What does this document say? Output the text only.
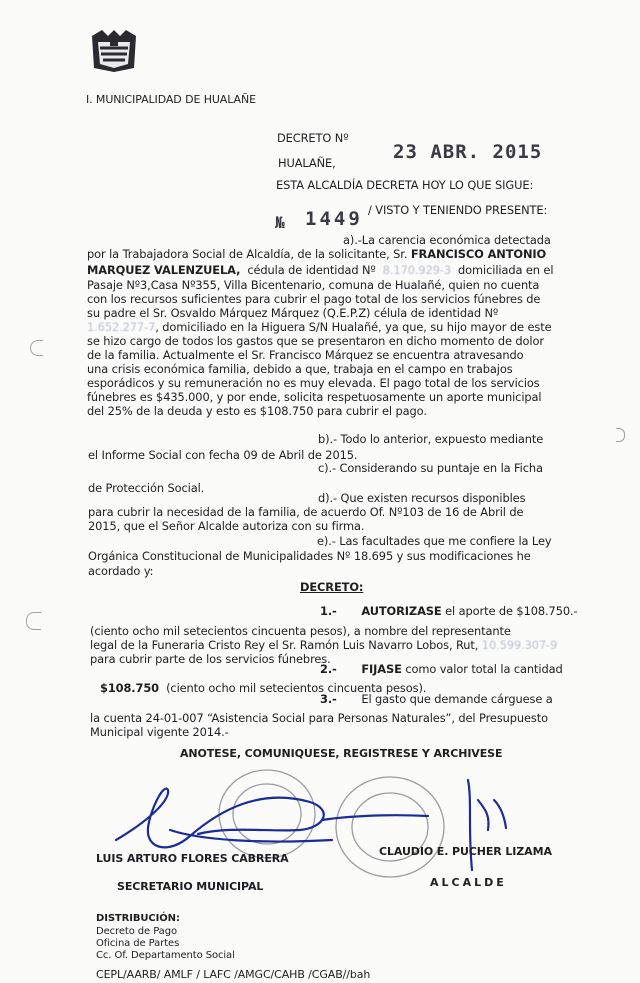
I. MUNICIPALIDAD DE HUALAÑE
DECRETO Nº
23 ABR. 2015
HUALAÑE,
ESTA ALCALDÍA DECRETA HOY LO QUE SIGUE:
№ 1449 / VISTO Y TENIENDO PRESENTE:
a).-La carencia económica detectada
por la Trabajadora Social de Alcaldía, de la solicitante, Sr. FRANCISCO ANTONIO
MARQUEZ VALENZUELA, cédula de identidad Nº 8.170.929-3 domiciliada en el
Pasaje Nº3,Casa Nº355, Villa Bicentenario, comuna de Hualañé, quien no cuenta
con los recursos suficientes para cubrir el pago total de los servicios fúnebres de
su padre el Sr. Osvaldo Márquez Márquez (Q.E.P.Z) célula de identidad Nº
1.652.277-7, domiciliado en la Higuera S/N Hualañé, ya que, su hijo mayor de este
se hizo cargo de todos los gastos que se presentaron en dicho momento de dolor
de la familia. Actualmente el Sr. Francisco Márquez se encuentra atravesando
una crisis económica familia, debido a que, trabaja en el campo en trabajos
esporádicos y su remuneración no es muy elevada. El pago total de los servicios
fúnebres es $435.000, y por ende, solicita respetuosamente un aporte municipal
del 25% de la deuda y esto es $108.750 para cubrir el pago.
b).- Todo lo anterior, expuesto mediante
el Informe Social con fecha 09 de Abril de 2015.
c).- Considerando su puntaje en la Ficha
de Protección Social.
d).- Que existen recursos disponibles
para cubrir la necesidad de la familia, de acuerdo Of. Nº103 de 16 de Abril de
2015, que el Señor Alcalde autoriza con su firma.
e).- Las facultades que me confiere la Ley
Orgánica Constitucional de Municipalidades Nº 18.695 y sus modificaciones he
acordado y:
DECRETO:
1.- AUTORIZASE el aporte de $108.750.-
(ciento ocho mil setecientos cincuenta pesos), a nombre del representante
legal de la Funeraria Cristo Rey el Sr. Ramón Luis Navarro Lobos, Rut, 10.599.307-9
para cubrir parte de los servicios fúnebres.
2.- FIJASE como valor total la cantidad
$108.750 (ciento ocho mil setecientos cincuenta pesos).
3.- El gasto que demande cárguese a
la cuenta 24-01-007 “Asistencia Social para Personas Naturales”, del Presupuesto
Municipal vigente 2014.-
ANOTESE, COMUNIQUESE, REGISTRESE Y ARCHIVESE
LUIS ARTURO FLORES CABRERA
SECRETARIO MUNICIPAL
CLAUDIO E. PUCHER LIZAMA
ALCALDE
DISTRIBUCIÓN:
Decreto de Pago
Oficina de Partes
Cc. Of. Departamento Social
CEPL/AARB/ AMLF / LAFC /AMGC/CAHB /CGAB//bah
